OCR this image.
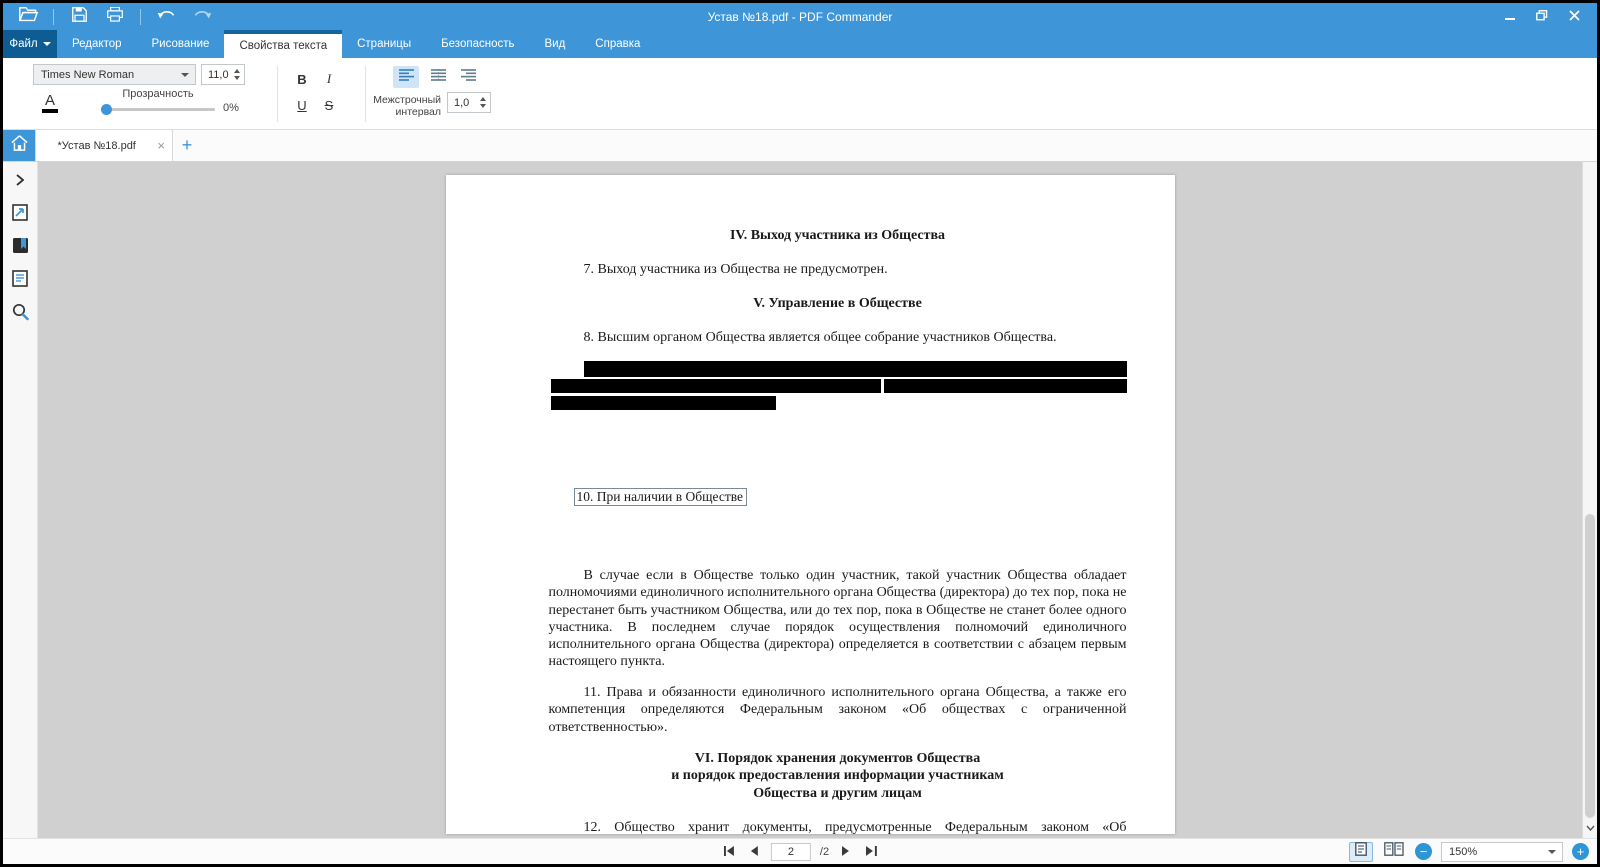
Устав №18.pdf - PDF Commander
Файл	Редактор	Рисование	Свойства текста	Страницы	Безопасность	Вид	Справка
Times New Roman	11,0
A	Прозрачность
0%
B	I
U	S	Межстрочный
интервал
1,0
*Устав №18.pdf	× +
IV. Выход участника из Общества
7. Выход участника из Общества не предусмотрен.
V. Управление в Обществе
8. Высшим органом Общества является общее собрание участников Общества.
10. При наличии в Обществе
В случае если в Обществе только один участник, такой участник Общества обладает полномочиями единоличного исполнительного органа Общества (директора) до тех пор, пока не перестанет быть участником Общества, или до тех пор, пока в Обществе не станет более одного участника. В последнем случае порядок осуществления полномочий единоличного исполнительного органа Общества (директора) определяется в соответствии с абзацем первым настоящего пункта.
11. Права и обязанности единоличного исполнительного органа Общества, а также его компетенция определяются Федеральным законом «Об обществах с ограниченной ответственностью».
VI. Порядок хранения документов Общества
и порядок предоставления информации участникам
Общества и другим лицам
12. Общество хранит документы, предусмотренные Федеральным законом «Об
2
/2	− 150%	+
